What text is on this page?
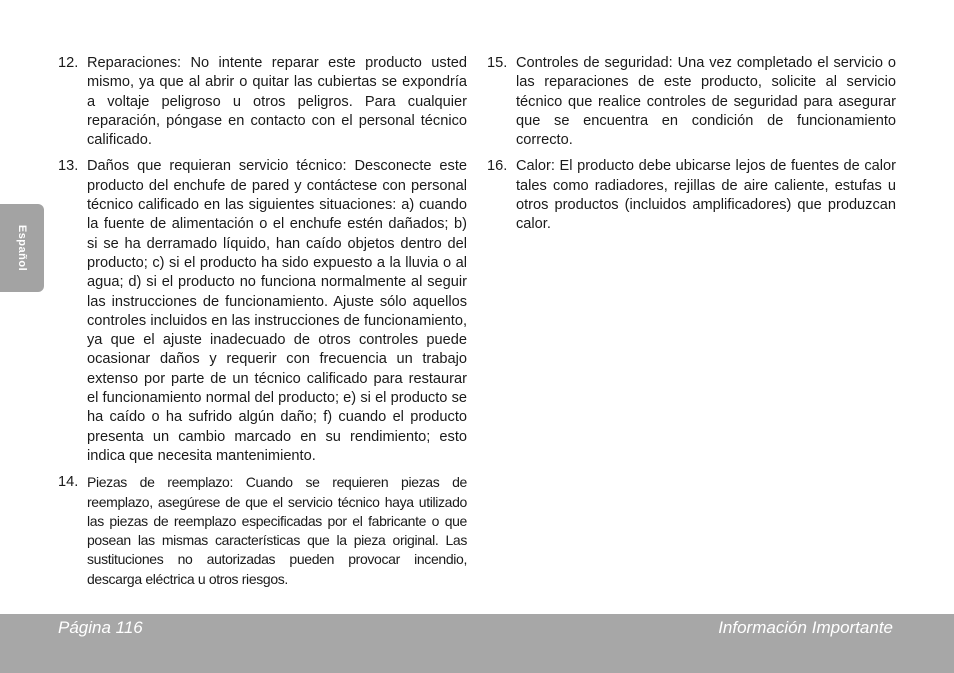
Español
12. Reparaciones: No intente reparar este producto usted mismo, ya que al abrir o quitar las cubiertas se expondría a voltaje peligroso u otros peligros. Para cualquier reparación, póngase en contacto con el personal técnico calificado.
13. Daños que requieran servicio técnico: Desconecte este producto del enchufe de pared y contáctese con personal técnico calificado en las siguientes situaciones: a) cuando la fuente de alimentación o el enchufe estén dañados; b) si se ha derramado líquido, han caído objetos dentro del producto; c) si el producto ha sido expuesto a la lluvia o al agua; d) si el producto no funciona normalmente al seguir las instrucciones de funcionamiento. Ajuste sólo aquellos controles incluidos en las instrucciones de funcionamiento, ya que el ajuste inadecuado de otros controles puede ocasionar daños y requerir con frecuencia un trabajo extenso por parte de un técnico calificado para restaurar el funcionamiento normal del producto; e) si el producto se ha caído o ha sufrido algún daño; f) cuando el producto presenta un cambio marcado en su rendimiento; esto indica que necesita mantenimiento.
14. Piezas de reemplazo: Cuando se requieren piezas de reemplazo, asegúrese de que el servicio técnico haya utilizado las piezas de reemplazo especificadas por el fabricante o que posean las mismas características que la pieza original. Las sustituciones no autorizadas pueden provocar incendio, descarga eléctrica u otros riesgos.
15. Controles de seguridad: Una vez completado el servicio o las reparaciones de este producto, solicite al servicio técnico que realice controles de seguridad para asegurar que se encuentra en condición de funcionamiento correcto.
16. Calor: El producto debe ubicarse lejos de fuentes de calor tales como radiadores, rejillas de aire caliente, estufas u otros productos (incluidos amplificadores) que produzcan calor.
Página 116	Información Importante
